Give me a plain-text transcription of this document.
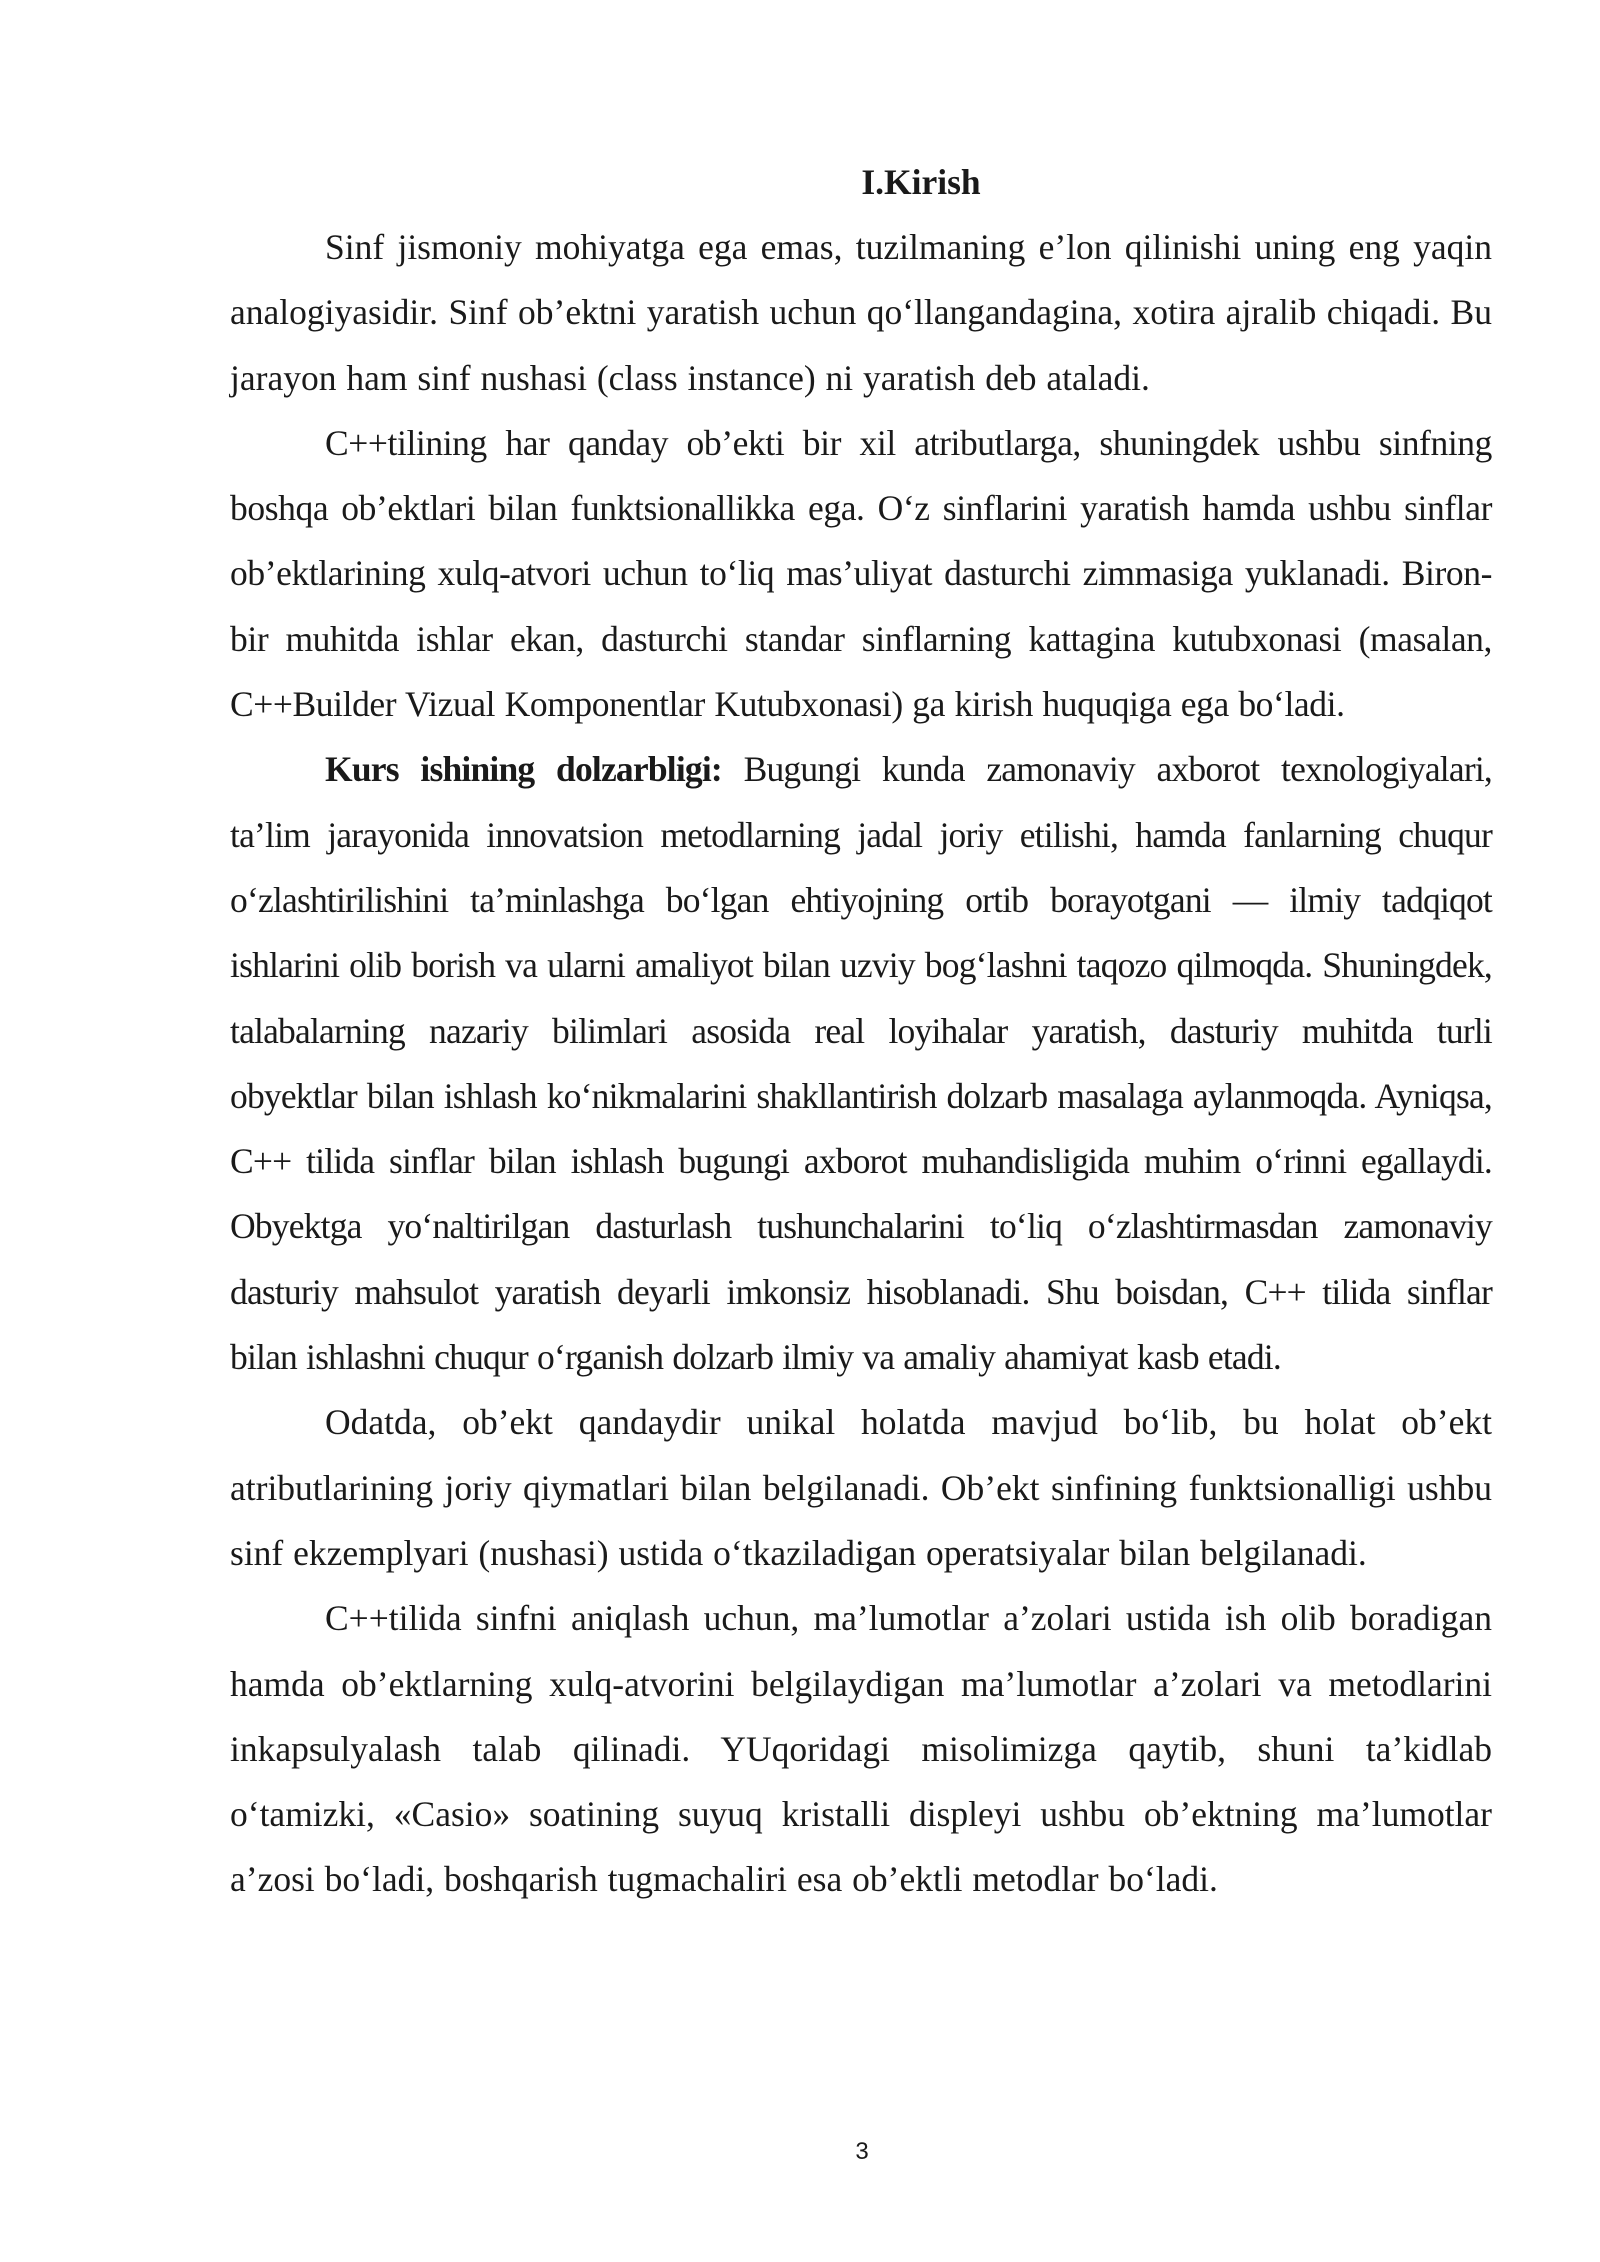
I.Kirish

Sinf jismoniy mohiyatga ega emas, tuzilmaning e’lon qilinishi uning eng yaqin analogiyasidir. Sinf ob’ektni yaratish uchun qo‘llangandagina, xotira ajralib chiqadi. Bu jarayon ham sinf nushasi (class instance) ni yaratish deb ataladi.

C++tilining har qanday ob’ekti bir xil atributlarga, shuningdek ushbu sinfning boshqa ob’ektlari bilan funktsionallikka ega. O‘z sinflarini yaratish hamda ushbu sinflar ob’ektlarining xulq-atvori uchun to‘liq mas’uliyat dasturchi zimmasiga yuklanadi. Biron-bir muhitda ishlar ekan, dasturchi standar sinflarning kattagina kutubxonasi (masalan, C++Builder Vizual Komponentlar Kutubxonasi) ga kirish huquqiga ega bo‘ladi.

Kurs ishining dolzarbligi: Bugungi kunda zamonaviy axborot texnologiyalari, ta’lim jarayonida innovatsion metodlarning jadal joriy etilishi, hamda fanlarning chuqur o‘zlashtirilishini ta’minlashga bo‘lgan ehtiyojning ortib borayotgani — ilmiy tadqiqot ishlarini olib borish va ularni amaliyot bilan uzviy bog‘lashni taqozo qilmoqda. Shuningdek, talabalarning nazariy bilimlari asosida real loyihalar yaratish, dasturiy muhitda turli obyektlar bilan ishlash ko‘nikmalarini shakllantirish dolzarb masalaga aylanmoqda. Ayniqsa, C++ tilida sinflar bilan ishlash bugungi axborot muhandisligida muhim o‘rinni egallaydi. Obyektga yo‘naltirilgan dasturlash tushunchalarini to‘liq o‘zlashtirmasdan zamonaviy dasturiy mahsulot yaratish deyarli imkonsiz hisoblanadi. Shu boisdan, C++ tilida sinflar bilan ishlashni chuqur o‘rganish dolzarb ilmiy va amaliy ahamiyat kasb etadi.

Odatda, ob’ekt qandaydir unikal holatda mavjud bo‘lib, bu holat ob’ekt atributlarining joriy qiymatlari bilan belgilanadi. Ob’ekt sinfining funktsionalligi ushbu sinf ekzemplyari (nushasi) ustida o‘tkaziladigan operatsiyalar bilan belgilanadi.

C++tilida sinfni aniqlash uchun, ma’lumotlar a’zolari ustida ish olib boradigan hamda ob’ektlarning xulq-atvorini belgilaydigan ma’lumotlar a’zolari va metodlarini inkapsulyalash talab qilinadi. YUqoridagi misolimizga qaytib, shuni ta’kidlab o‘tamizki, «Casio» soatining suyuq kristalli displeyi ushbu ob’ektning ma’lumotlar a’zosi bo‘ladi, boshqarish tugmachaliri esa ob’ektli metodlar bo‘ladi.

3
